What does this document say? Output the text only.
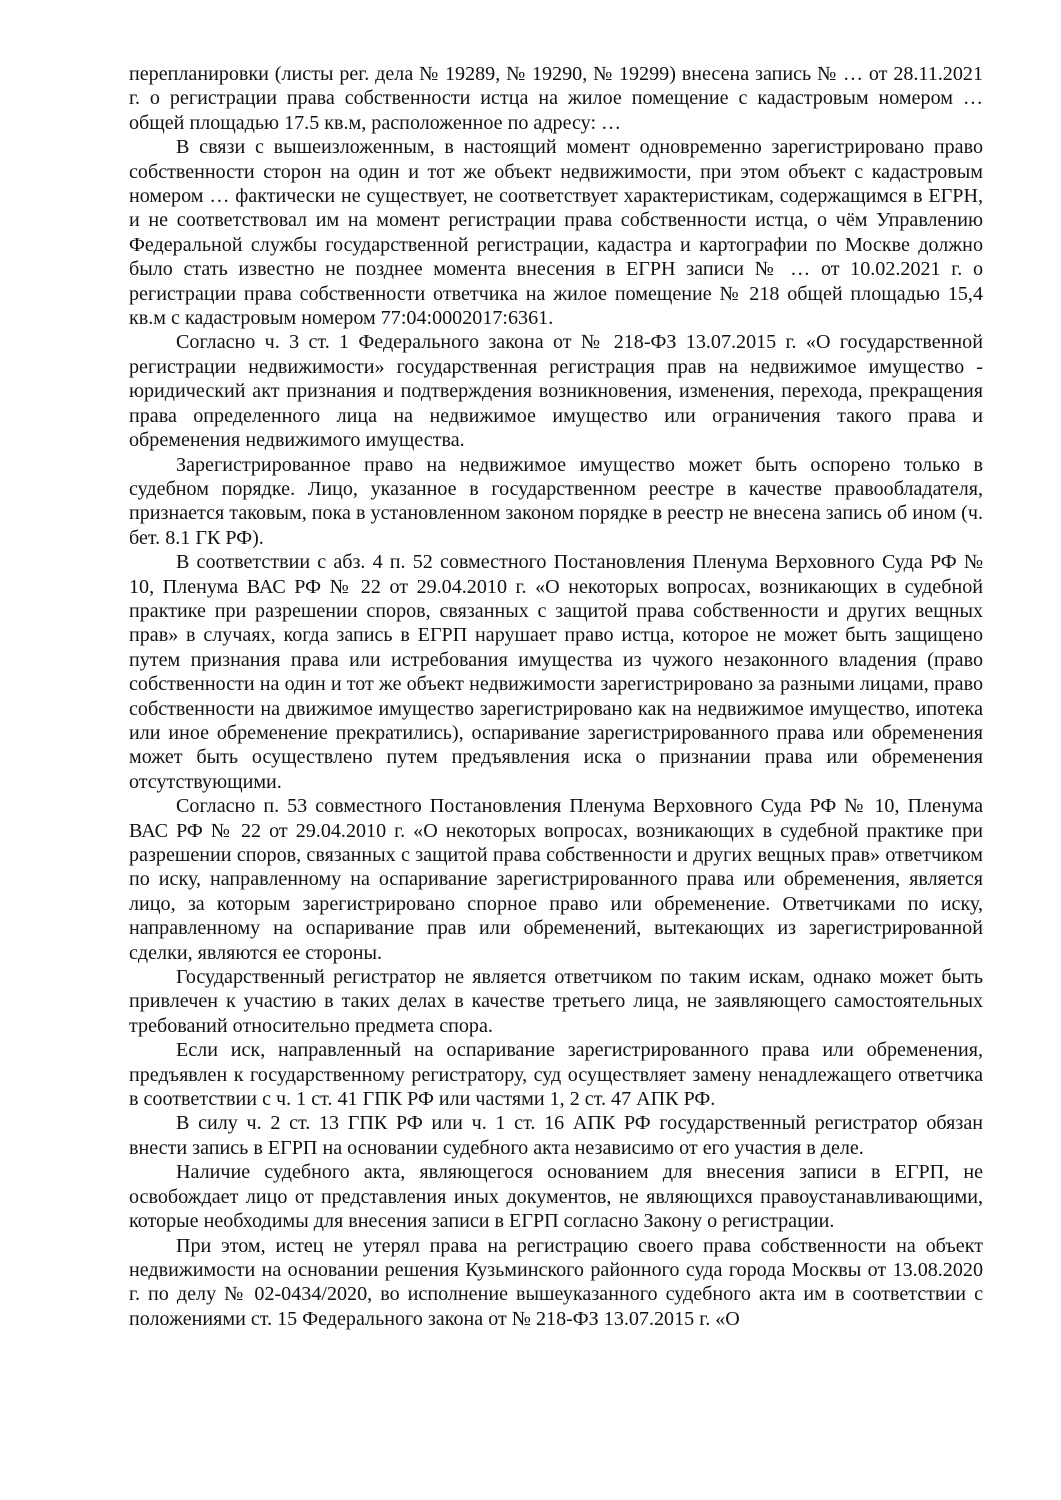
перепланировки (листы рег. дела № 19289, № 19290, № 19299) внесена запись № … от 28.11.2021 г. о регистрации права собственности истца на жилое помещение с кадастровым номером … общей площадью 17.5 кв.м, расположенное по адресу: …

В связи с вышеизложенным, в настоящий момент одновременно зарегистрировано право собственности сторон на один и тот же объект недвижимости, при этом объект с кадастровым номером … фактически не существует, не соответствует характеристикам, содержащимся в ЕГРН, и не соответствовал им на момент регистрации права собственности истца, о чём Управлению Федеральной службы государственной регистрации, кадастра и картографии по Москве должно было стать известно не позднее момента внесения в ЕГРН записи № … от 10.02.2021 г. о регистрации права собственности ответчика на жилое помещение № 218 общей площадью 15,4 кв.м с кадастровым номером 77:04:0002017:6361.

Согласно ч. 3 ст. 1 Федерального закона от № 218-ФЗ 13.07.2015 г. «О государственной регистрации недвижимости» государственная регистрация прав на недвижимое имущество - юридический акт признания и подтверждения возникновения, изменения, перехода, прекращения права определенного лица на недвижимое имущество или ограничения такого права и обременения недвижимого имущества.

Зарегистрированное право на недвижимое имущество может быть оспорено только в судебном порядке. Лицо, указанное в государственном реестре в качестве правообладателя, признается таковым, пока в установленном законом порядке в реестр не внесена запись об ином (ч. бет. 8.1 ГК РФ).

В соответствии с абз. 4 п. 52 совместного Постановления Пленума Верховного Суда РФ № 10, Пленума ВАС РФ № 22 от 29.04.2010 г. «О некоторых вопросах, возникающих в судебной практике при разрешении споров, связанных с защитой права собственности и других вещных прав» в случаях, когда запись в ЕГРП нарушает право истца, которое не может быть защищено путем признания права или истребования имущества из чужого незаконного владения (право собственности на один и тот же объект недвижимости зарегистрировано за разными лицами, право собственности на движимое имущество зарегистрировано как на недвижимое имущество, ипотека или иное обременение прекратились), оспаривание зарегистрированного права или обременения может быть осуществлено путем предъявления иска о признании права или обременения отсутствующими.

Согласно п. 53 совместного Постановления Пленума Верховного Суда РФ № 10, Пленума ВАС РФ № 22 от 29.04.2010 г. «О некоторых вопросах, возникающих в судебной практике при разрешении споров, связанных с защитой права собственности и других вещных прав» ответчиком по иску, направленному на оспаривание зарегистрированного права или обременения, является лицо, за которым зарегистрировано спорное право или обременение. Ответчиками по иску, направленному на оспаривание прав или обременений, вытекающих из зарегистрированной сделки, являются ее стороны.

Государственный регистратор не является ответчиком по таким искам, однако может быть привлечен к участию в таких делах в качестве третьего лица, не заявляющего самостоятельных требований относительно предмета спора.

Если иск, направленный на оспаривание зарегистрированного права или обременения, предъявлен к государственному регистратору, суд осуществляет замену ненадлежащего ответчика в соответствии с ч. 1 ст. 41 ГПК РФ или частями 1, 2 ст. 47 АПК РФ.

В силу ч. 2 ст. 13 ГПК РФ или ч. 1 ст. 16 АПК РФ государственный регистратор обязан внести запись в ЕГРП на основании судебного акта независимо от его участия в деле.

Наличие судебного акта, являющегося основанием для внесения записи в ЕГРП, не освобождает лицо от представления иных документов, не являющихся правоустанавливающими, которые необходимы для внесения записи в ЕГРП согласно Закону о регистрации.

При этом, истец не утерял права на регистрацию своего права собственности на объект недвижимости на основании решения Кузьминского районного суда города Москвы от 13.08.2020 г. по делу № 02-0434/2020, во исполнение вышеуказанного судебного акта им в соответствии с положениями ст. 15 Федерального закона от № 218-ФЗ 13.07.2015 г. «О
